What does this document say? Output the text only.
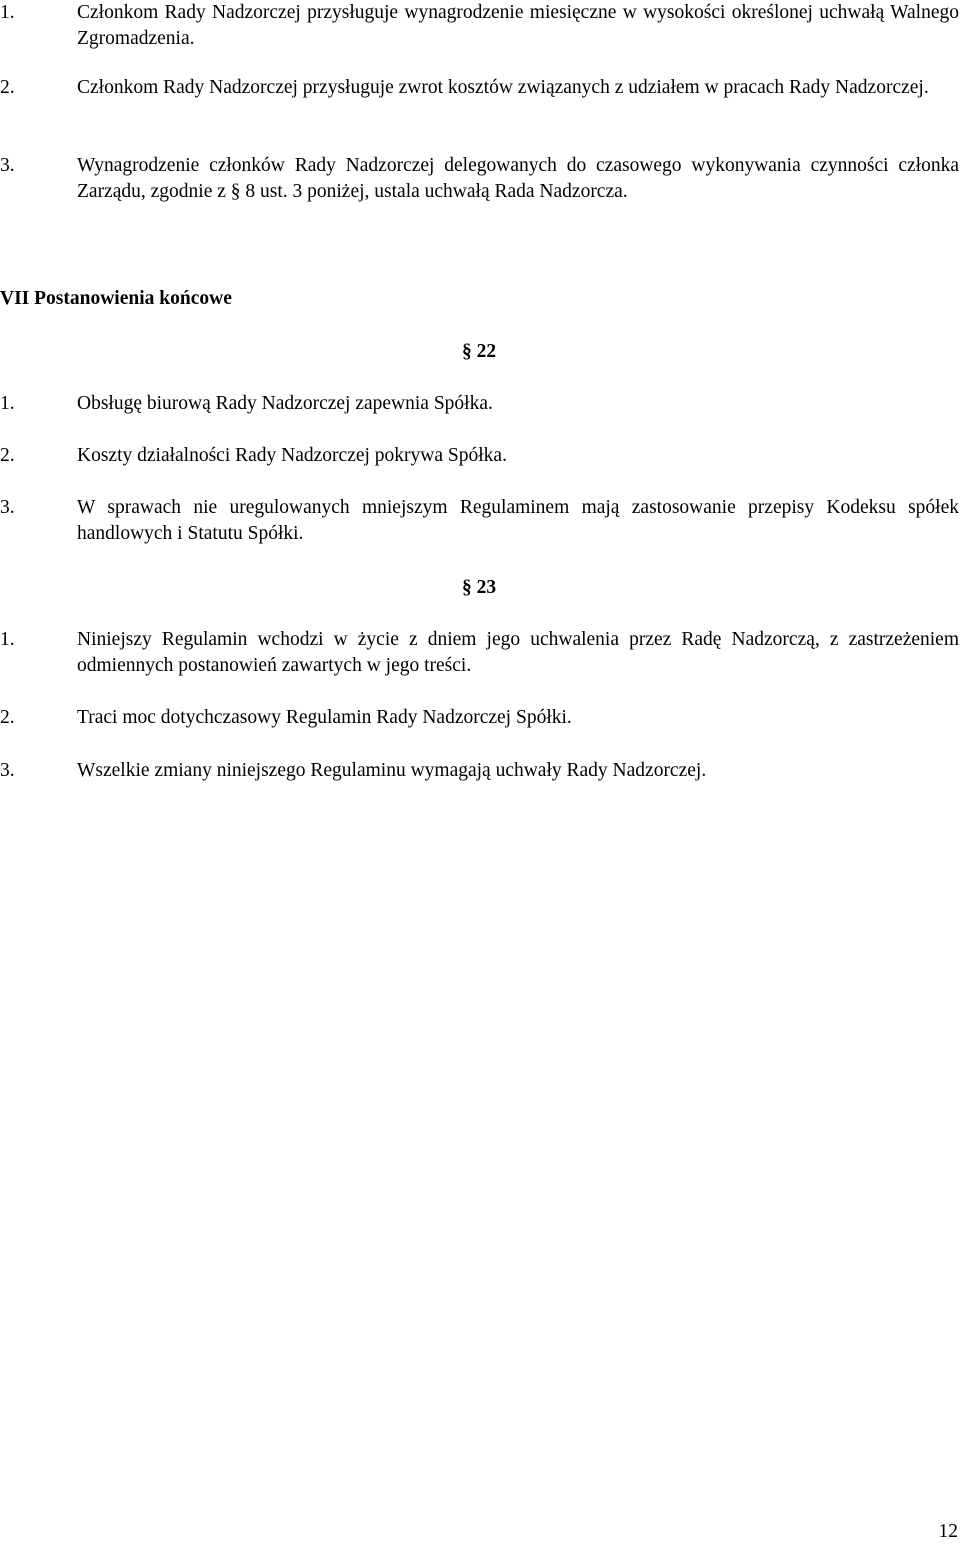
1.	Członkom Rady Nadzorczej przysługuje wynagrodzenie miesięczne w wysokości określonej uchwałą Walnego Zgromadzenia.
2.	Członkom Rady Nadzorczej przysługuje zwrot kosztów związanych z udziałem w pracach Rady Nadzorczej.
3.	Wynagrodzenie członków Rady Nadzorczej delegowanych do czasowego wykonywania czynności członka Zarządu, zgodnie z § 8 ust. 3 poniżej, ustala uchwałą Rada Nadzorcza.
VII Postanowienia końcowe
§ 22
1.	Obsługę biurową Rady Nadzorczej zapewnia Spółka.
2.	Koszty działalności Rady Nadzorczej pokrywa Spółka.
3.	W sprawach nie uregulowanych mniejszym Regulaminem mają zastosowanie przepisy Kodeksu spółek handlowych i Statutu Spółki.
§ 23
1.	Niniejszy Regulamin wchodzi w życie z dniem jego uchwalenia przez Radę Nadzorczą, z zastrzeżeniem odmiennych postanowień zawartych w jego treści.
2.	Traci moc dotychczasowy Regulamin Rady Nadzorczej Spółki.
3.	Wszelkie zmiany niniejszego Regulaminu wymagają uchwały Rady Nadzorczej.
12
